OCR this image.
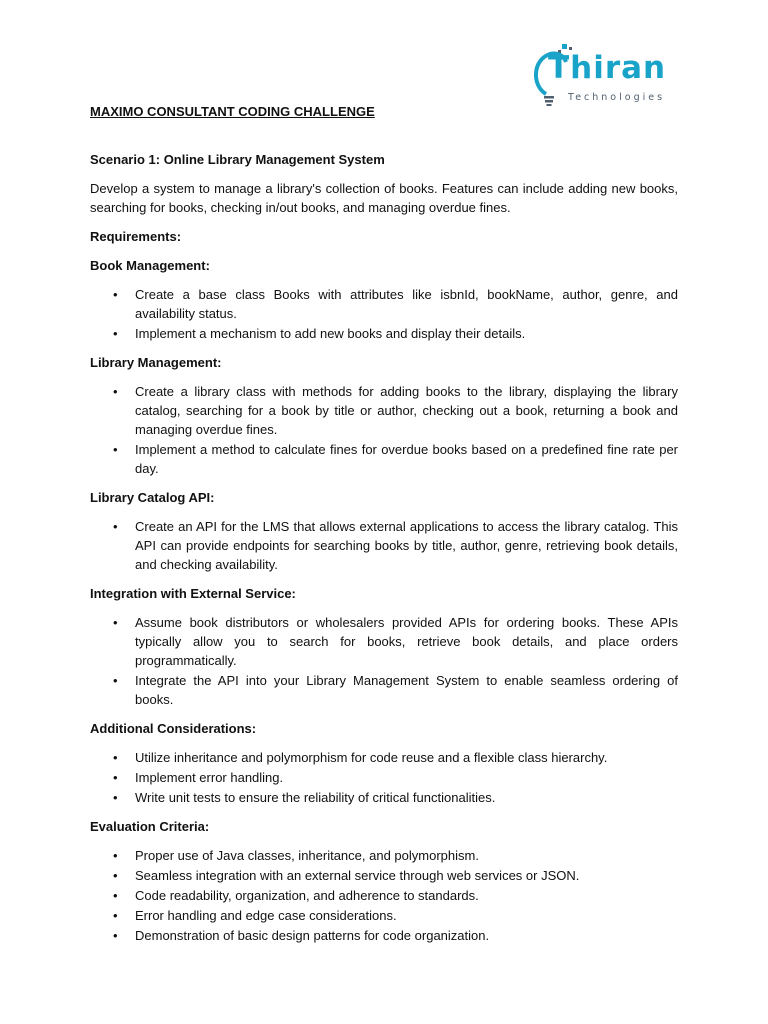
Thiran
Technologies
MAXIMO CONSULTANT CODING CHALLENGE
Scenario 1: Online Library Management System

Develop a system to manage a library's collection of books. Features can include adding new books, searching for books, checking in/out books, and managing overdue fines.

Requirements:
Book Management:
• Create a base class Books with attributes like isbnId, bookName, author, genre, and availability status.
• Implement a mechanism to add new books and display their details.
Library Management:
• Create a library class with methods for adding books to the library, displaying the library catalog, searching for a book by title or author, checking out a book, returning a book and managing overdue fines.
• Implement a method to calculate fines for overdue books based on a predefined fine rate per day.
Library Catalog API:
• Create an API for the LMS that allows external applications to access the library catalog. This API can provide endpoints for searching books by title, author, genre, retrieving book details, and checking availability.
Integration with External Service:
• Assume book distributors or wholesalers provided APIs for ordering books. These APIs typically allow you to search for books, retrieve book details, and place orders programmatically.
• Integrate the API into your Library Management System to enable seamless ordering of books.
Additional Considerations:
• Utilize inheritance and polymorphism for code reuse and a flexible class hierarchy.
• Implement error handling.
• Write unit tests to ensure the reliability of critical functionalities.
Evaluation Criteria:
• Proper use of Java classes, inheritance, and polymorphism.
• Seamless integration with an external service through web services or JSON.
• Code readability, organization, and adherence to standards.
• Error handling and edge case considerations.
• Demonstration of basic design patterns for code organization.
